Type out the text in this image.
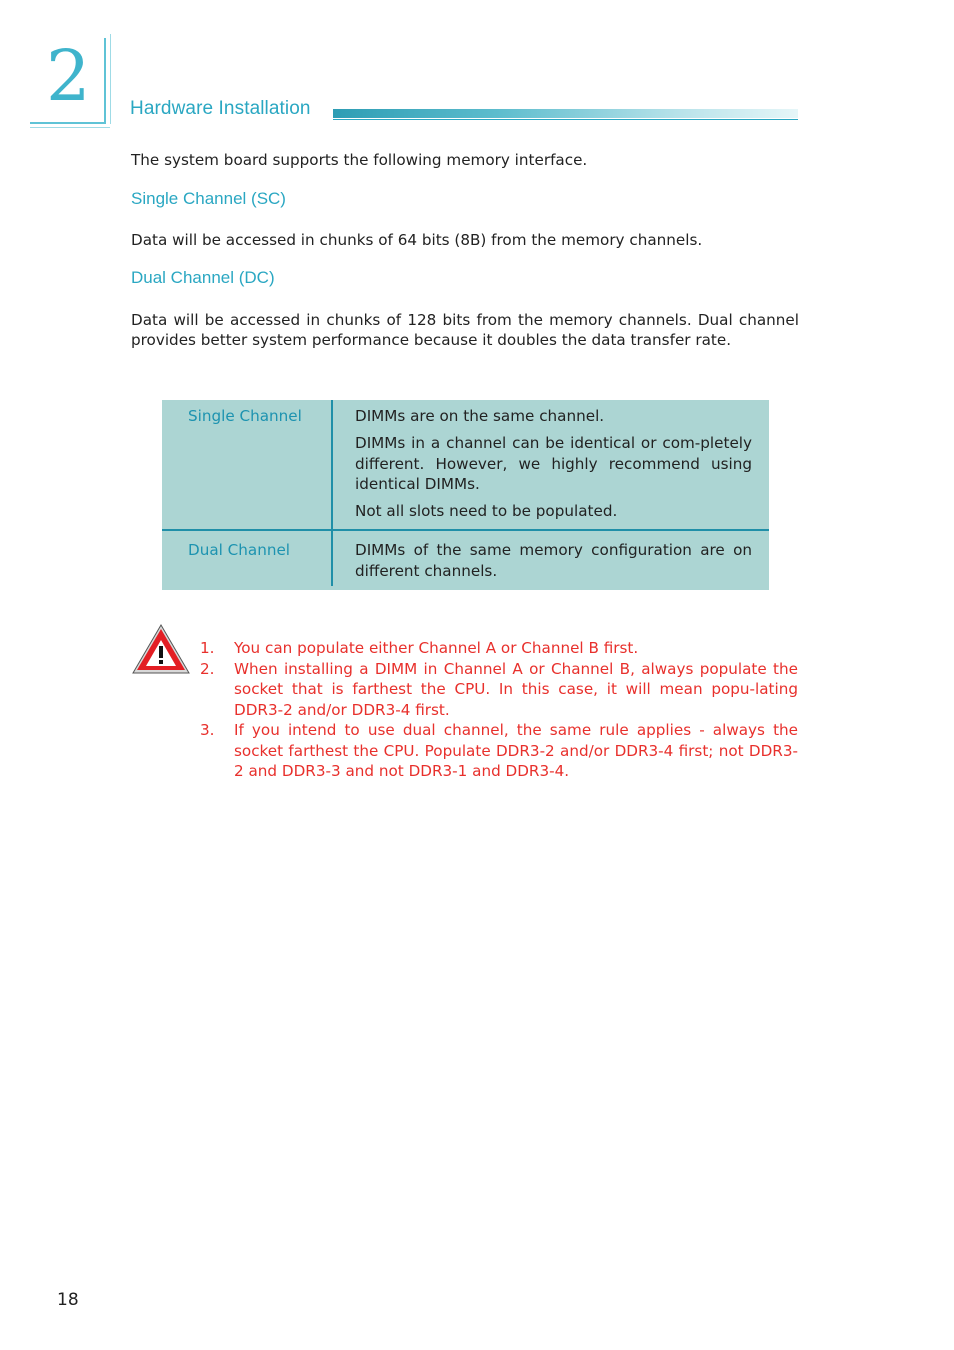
2 Hardware Installation
The system board supports the following memory interface.
Single Channel (SC)
Data will be accessed in chunks of 64 bits (8B) from the memory channels.
Dual Channel (DC)
Data will be accessed in chunks of 128 bits from the memory channels. Dual channel provides better system performance because it doubles the data transfer rate.
Single Channel	DIMMs are on the same channel.
DIMMs in a channel can be identical or com-pletely different. However, we highly recommend using identical DIMMs.
Not all slots need to be populated.
Dual Channel	DIMMs of the same memory configuration are on different channels.
1. You can populate either Channel A or Channel B first.
2. When installing a DIMM in Channel A or Channel B, always populate the socket that is farthest the CPU. In this case, it will mean popu-lating DDR3-2 and/or DDR3-4 first.
3. If you intend to use dual channel, the same rule applies - always the socket farthest the CPU. Populate DDR3-2 and/or DDR3-4 first; not DDR3-2 and DDR3-3 and not DDR3-1 and DDR3-4.
18
